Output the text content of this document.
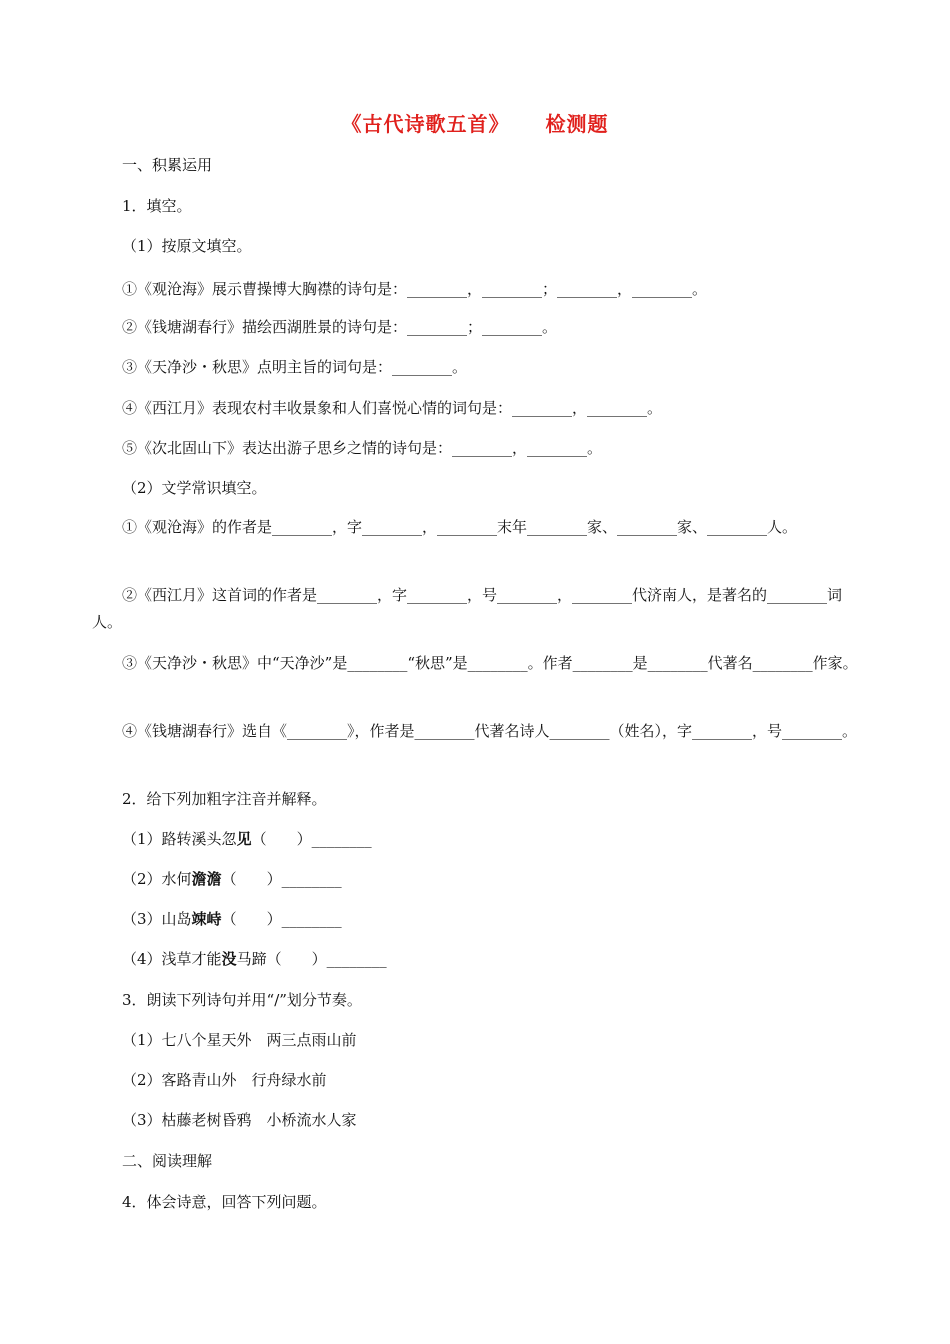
《古代诗歌五首》 检测题
一、积累运用
1．填空。
（1）按原文填空。
①《观沧海》展示曹操博大胸襟的诗句是：________，________；________，________。
②《钱塘湖春行》描绘西湖胜景的诗句是：________；________。
③《天净沙・秋思》点明主旨的词句是：________。
④《西江月》表现农村丰收景象和人们喜悦心情的词句是：________，________。
⑤《次北固山下》表达出游子思乡之情的诗句是：________，________。
（2）文学常识填空。
①《观沧海》的作者是________，字________，________末年________家、________家、________人。
②《西江月》这首词的作者是________，字________，号________，________代济南人，是著名的________词人。
③《天净沙・秋思》中“天净沙”是________“秋思”是________。作者________是________代著名________作家。
④《钱塘湖春行》选自《________》，作者是________代著名诗人________（姓名），字________，号________。
2．给下列加粗字注音并解释。
（1）路转溪头忽见（　　）________
（2）水何澹澹（　　）________
（3）山岛竦峙（　　）________
（4）浅草才能没马蹄（　　）________
3．朗读下列诗句并用“/”划分节奏。
（1）七八个星天外　两三点雨山前
（2）客路青山外　行舟绿水前
（3）枯藤老树昏鸦　小桥流水人家
二、阅读理解
4．体会诗意，回答下列问题。
